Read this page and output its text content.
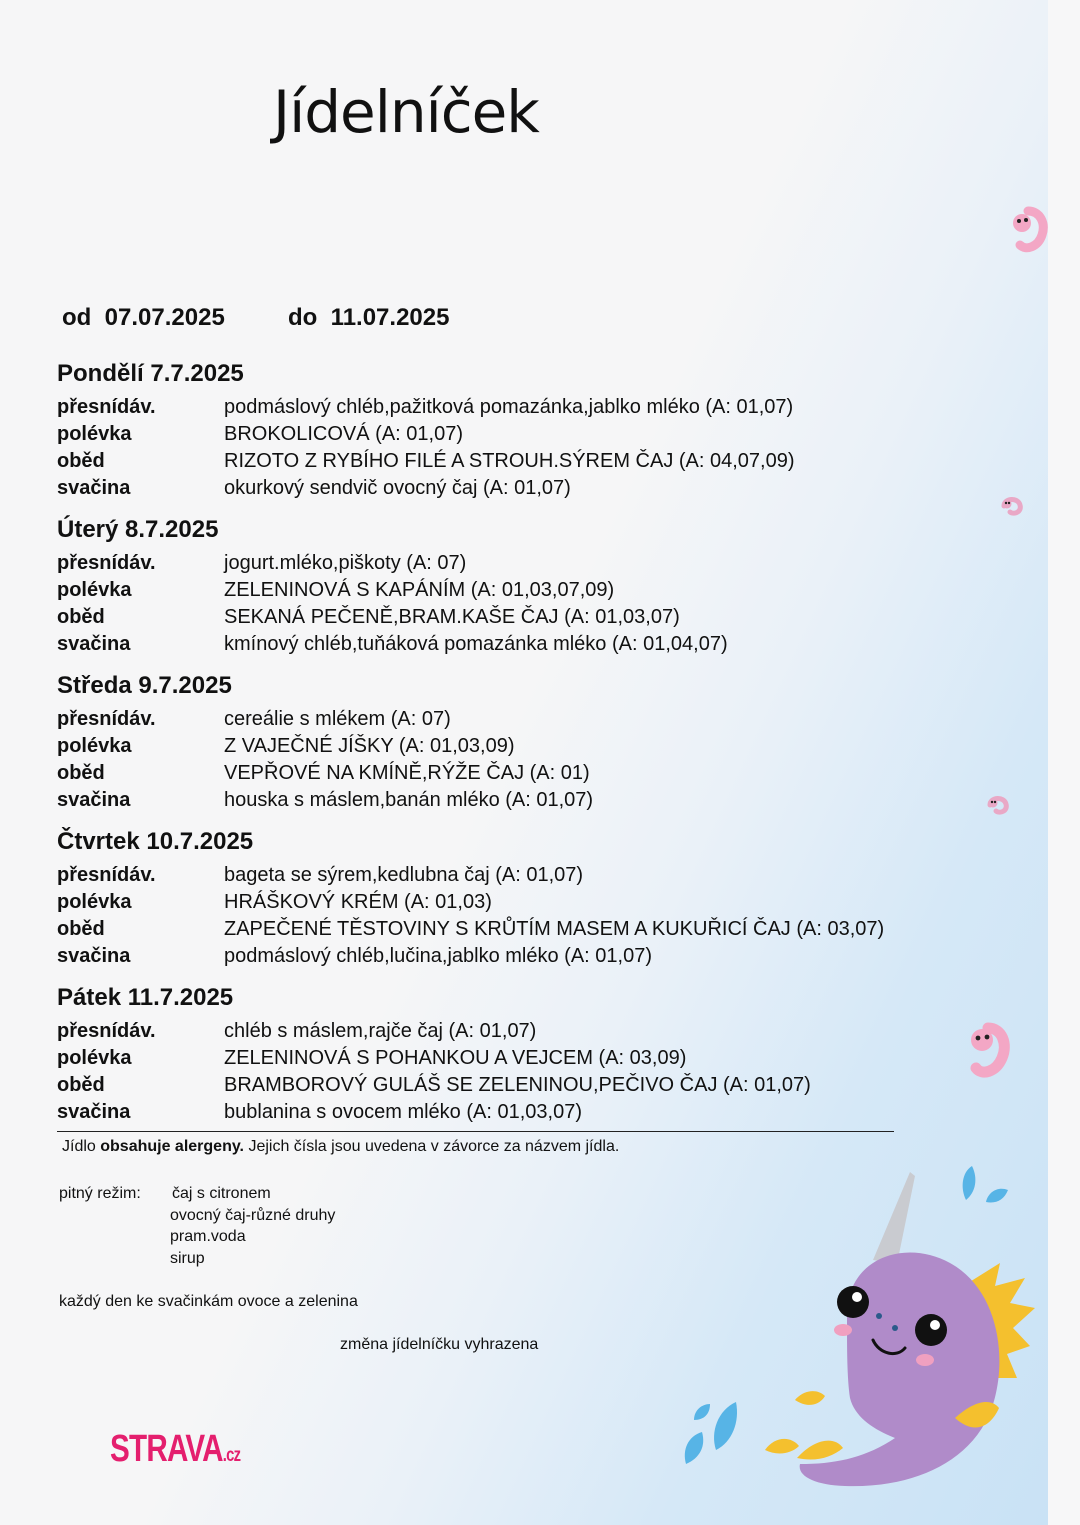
Jídelníček
od 07.07.2025	do 11.07.2025
Pondělí 7.7.2025
přesnídáv.	podmáslový chléb,pažitková pomazánka,jablko mléko (A: 01,07)
polévka	BROKOLICOVÁ (A: 01,07)
oběd	RIZOTO Z RYBÍHO FILÉ A STROUH.SÝREM ČAJ (A: 04,07,09)
svačina	okurkový sendvič ovocný čaj (A: 01,07)
Úterý 8.7.2025
přesnídáv.	jogurt.mléko,piškoty (A: 07)
polévka	ZELENINOVÁ S KAPÁNÍM (A: 01,03,07,09)
oběd	SEKANÁ PEČENĚ,BRAM.KAŠE ČAJ (A: 01,03,07)
svačina	kmínový chléb,tuňáková pomazánka mléko (A: 01,04,07)
Středa 9.7.2025
přesnídáv.	cereálie s mlékem (A: 07)
polévka	Z VAJEČNÉ JÍŠKY (A: 01,03,09)
oběd	VEPŘOVÉ NA KMÍNĚ,RÝŽE ČAJ (A: 01)
svačina	houska s máslem,banán mléko (A: 01,07)
Čtvrtek 10.7.2025
přesnídáv.	bageta se sýrem,kedlubna čaj (A: 01,07)
polévka	HRÁŠKOVÝ KRÉM (A: 01,03)
oběd	ZAPEČENÉ TĚSTOVINY S KRŮTÍM MASEM A KUKUŘICÍ ČAJ (A: 03,07)
svačina	podmáslový chléb,lučina,jablko mléko (A: 01,07)
Pátek 11.7.2025
přesnídáv.	chléb s máslem,rajče čaj (A: 01,07)
polévka	ZELENINOVÁ S POHANKOU A VEJCEM (A: 03,09)
oběd	BRAMBOROVÝ GULÁŠ SE ZELENINOU,PEČIVO ČAJ (A: 01,07)
svačina	bublanina s ovocem mléko (A: 01,03,07)
Jídlo obsahuje alergeny. Jejich čísla jsou uvedena v závorce za názvem jídla.
pitný režim: čaj s citronem
ovocný čaj-různé druhy
pram.voda
sirup
každý den ke svačinkám ovoce a zelenina
změna jídelníčku vyhrazena
STRAVA.cz
